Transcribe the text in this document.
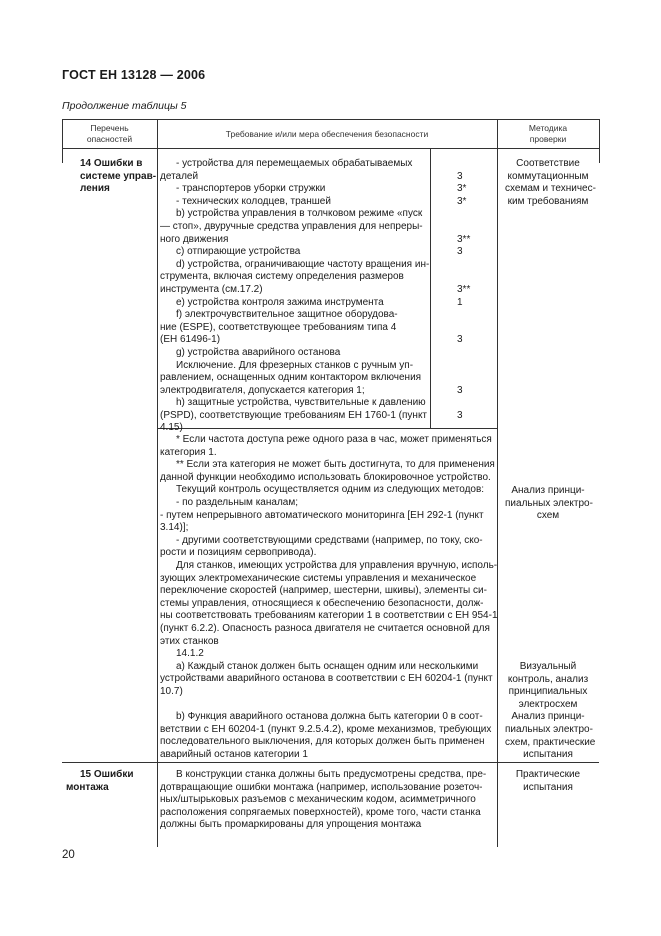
ГОСТ ЕН 13128 — 2006
Продолжение таблицы 5
Перечень
опасностей	Требование и/или мера обеспечения безопасности
Методика
проверки
14 Ошибки в
системе управ-
ления
- устройства для перемещаемых обрабатываемых
деталей
- транспортеров уборки стружки
- технических колодцев, траншей
b) устройства управления в толчковом режиме «пуск
— стоп», двуручные средства управления для непреры-
ного движения
c) отпирающие устройства
d) устройства, ограничивающие частоту вращения ин-
струмента, включая систему определения размеров
инструмента (см.17.2)
e) устройства контроля зажима инструмента
f) электрочувствительное защитное оборудова-
ние (ESPE), соответствующее требованиям типа 4
(ЕН 61496-1)
g) устройства аварийного останова
Исключение. Для фрезерных станков с ручным уп-
равлением, оснащенных одним контактором включения
электродвигателя, допускается категория 1;
h) защитные устройства, чувствительные к давлению
(PSPD), соответствующие требованиям ЕН 1760-1 (пункт
4.15)
3
3*
3*
3**
3
3**
1
3
3
3
Соответствие
коммутационным
схемам и техничес-
ким требованиям
* Если частота доступа реже одного раза в час, может применяться
категория 1.
** Если эта категория не может быть достигнута, то для применения
данной функции необходимо использовать блокировочное устройство.
Текущий контроль осуществляется одним из следующих методов:
- по раздельным каналам;
- путем непрерывного автоматического мониторинга [ЕН 292-1 (пункт
3.14)];
- другими соответствующими средствами (например, по току, ско-
рости и позициям сервопривода).
Для станков, имеющих устройства для управления вручную, исполь-
зующих электромеханические системы управления и механическое
переключение скоростей (например, шестерни, шкивы), элементы си-
стемы управления, относящиеся к обеспечению безопасности, долж-
ны соответствовать требованиям категории 1 в соответствии с ЕН 954-1
(пункт 6.2.2). Опасность разноса двигателя не считается основной для
этих станков
14.1.2
a) Каждый станок должен быть оснащен одним или несколькими
устройствами аварийного останова в соответствии с ЕН 60204-1 (пункт
10.7)
b) Функция аварийного останова должна быть категории 0 в соот-
ветствии с ЕН 60204-1 (пункт 9.2.5.4.2), кроме механизмов, требующих
последовательного выключения, для которых должен быть применен
аварийный останов категории 1
Анализ принци-
пиальных электро-
схем
Визуальный
контроль, анализ
принципиальных
электросхем
Анализ принци-
пиальных электро-
схем, практические
испытания
15 Ошибки
монтажа
В конструкции станка должны быть предусмотрены средства, пре-
дотвращающие ошибки монтажа (например, использование розеточ-
ных/штырьковых разъемов с механическим кодом, асимметричного
расположения сопрягаемых поверхностей), кроме того, части станка
должны быть промаркированы для упрощения монтажа
Практические
испытания
20
